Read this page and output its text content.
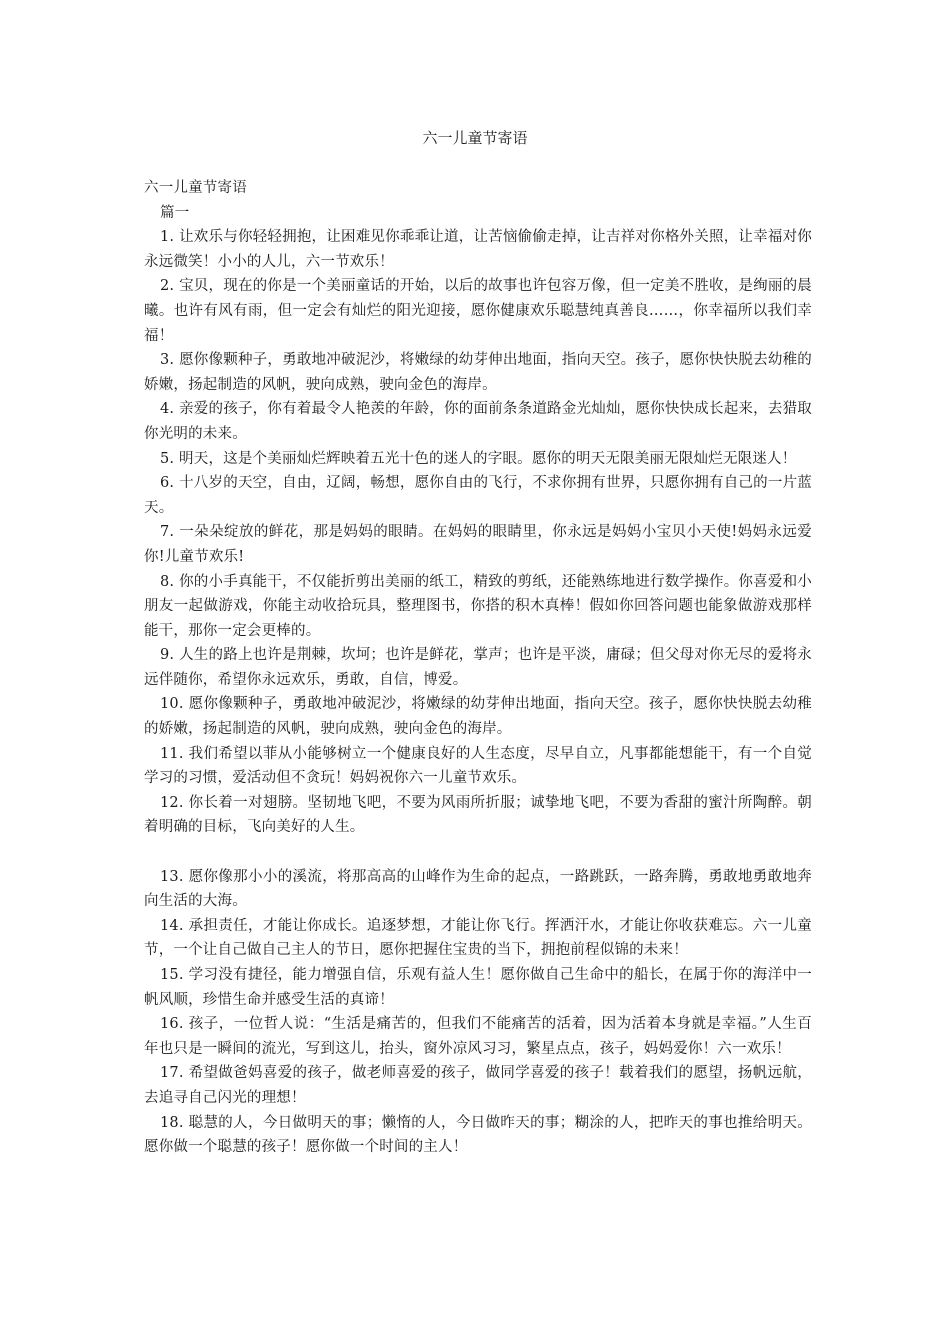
六一儿童节寄语

六一儿童节寄语

篇一

1. 让欢乐与你轻轻拥抱，让困难见你乖乖让道，让苦恼偷偷走掉，让吉祥对你格外关照，让幸福对你永远微笑！小小的人儿，六一节欢乐！

2. 宝贝，现在的你是一个美丽童话的开始，以后的故事也许包容万像，但一定美不胜收，是绚丽的晨曦。也许有风有雨，但一定会有灿烂的阳光迎接，愿你健康欢乐聪慧纯真善良……，你幸福所以我们幸福！

3. 愿你像颗种子，勇敢地冲破泥沙，将嫩绿的幼芽伸出地面，指向天空。孩子，愿你快快脱去幼稚的娇嫩，扬起制造的风帆，驶向成熟，驶向金色的海岸。

4. 亲爱的孩子，你有着最令人艳羡的年龄，你的面前条条道路金光灿灿，愿你快快成长起来，去猎取你光明的未来。

5. 明天，这是个美丽灿烂辉映着五光十色的迷人的字眼。愿你的明天无限美丽无限灿烂无限迷人！

6. 十八岁的天空，自由，辽阔，畅想，愿你自由的飞行，不求你拥有世界，只愿你拥有自己的一片蓝天。

7. 一朵朵绽放的鲜花，那是妈妈的眼睛。在妈妈的眼睛里，你永远是妈妈小宝贝小天使!妈妈永远爱你!儿童节欢乐!

8. 你的小手真能干，不仅能折剪出美丽的纸工，精致的剪纸，还能熟练地进行数学操作。你喜爱和小朋友一起做游戏，你能主动收拾玩具，整理图书，你搭的积木真棒！假如你回答问题也能象做游戏那样能干，那你一定会更棒的。

9. 人生的路上也许是荆棘，坎坷；也许是鲜花，掌声；也许是平淡，庸碌；但父母对你无尽的爱将永远伴随你，希望你永远欢乐，勇敢，自信，博爱。

10. 愿你像颗种子，勇敢地冲破泥沙，将嫩绿的幼芽伸出地面，指向天空。孩子，愿你快快脱去幼稚的娇嫩，扬起制造的风帆，驶向成熟，驶向金色的海岸。

11. 我们希望以菲从小能够树立一个健康良好的人生态度，尽早自立，凡事都能想能干，有一个自觉学习的习惯，爱活动但不贪玩！妈妈祝你六一儿童节欢乐。

12. 你长着一对翅膀。坚韧地飞吧，不要为风雨所折服；诚挚地飞吧，不要为香甜的蜜汁所陶醉。朝着明确的目标，飞向美好的人生。

13. 愿你像那小小的溪流，将那高高的山峰作为生命的起点，一路跳跃，一路奔腾，勇敢地勇敢地奔向生活的大海。

14. 承担责任，才能让你成长。追逐梦想，才能让你飞行。挥洒汗水，才能让你收获难忘。六一儿童节，一个让自己做自己主人的节日，愿你把握住宝贵的当下，拥抱前程似锦的未来！

15. 学习没有捷径，能力增强自信，乐观有益人生！愿你做自己生命中的船长，在属于你的海洋中一帆风顺，珍惜生命并感受生活的真谛！

16. 孩子，一位哲人说：“生活是痛苦的，但我们不能痛苦的活着，因为活着本身就是幸福。”人生百年也只是一瞬间的流光，写到这儿，抬头，窗外凉风习习，繁星点点，孩子，妈妈爱你！六一欢乐！

17. 希望做爸妈喜爱的孩子，做老师喜爱的孩子，做同学喜爱的孩子！载着我们的愿望，扬帆远航，去追寻自己闪光的理想！

18. 聪慧的人，今日做明天的事；懒惰的人，今日做昨天的事；糊涂的人，把昨天的事也推给明天。愿你做一个聪慧的孩子！愿你做一个时间的主人！
